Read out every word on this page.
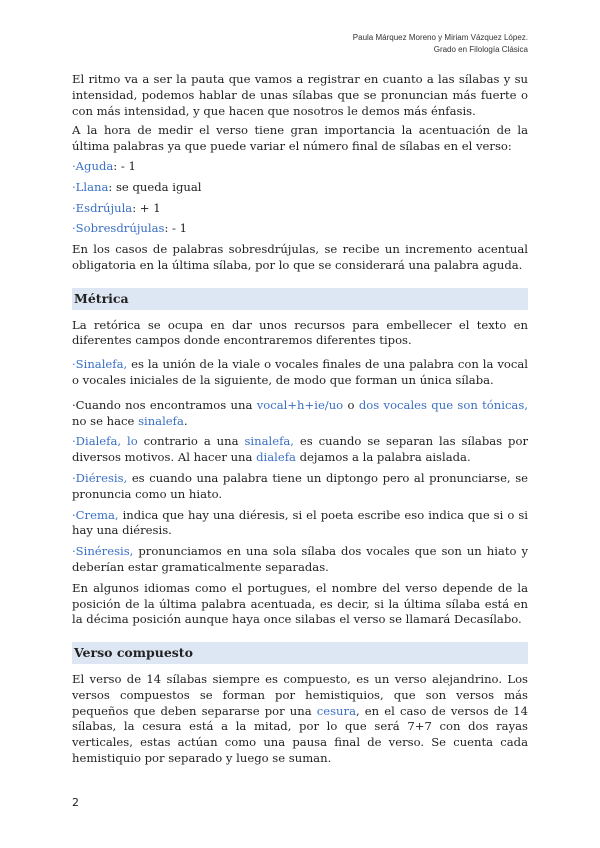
Paula Márquez Moreno y Miriam Vázquez López.
Grado en Filología Clásica

El ritmo va a ser la pauta que vamos a registrar en cuanto a las sílabas y su intensidad, podemos hablar de unas sílabas que se pronuncian más fuerte o con más intensidad, y que hacen que nosotros le demos más énfasis.

A la hora de medir el verso tiene gran importancia la acentuación de la última palabras ya que puede variar el número final de sílabas en el verso:

·Aguda: - 1
·Llana: se queda igual
·Esdrújula: + 1
·Sobresdrújulas: - 1

En los casos de palabras sobresdrújulas, se recibe un incremento acentual obligatoria en la última sílaba, por lo que se considerará una palabra aguda.

Métrica

La retórica se ocupa en dar unos recursos para embellecer el texto en diferentes campos donde encontraremos diferentes tipos.

·Sinalefa, es la unión de la viale o vocales finales de una palabra con la vocal o vocales iniciales de la siguiente, de modo que forman un única sílaba.
·Cuando nos encontramos una vocal+h+ie/uo o dos vocales que son tónicas, no se hace sinalefa.
·Dialefa, lo contrario a una sinalefa, es cuando se separan las sílabas por diversos motivos. Al hacer una dialefa dejamos a la palabra aislada.
·Diéresis, es cuando una palabra tiene un diptongo pero al pronunciarse, se pronuncia como un hiato.
·Crema, indica que hay una diéresis, si el poeta escribe eso indica que si o si hay una diéresis.
·Sinéresis, pronunciamos en una sola sílaba dos vocales que son un hiato y deberían estar gramaticalmente separadas.

En algunos idiomas como el portugues, el nombre del verso depende de la posición de la última palabra acentuada, es decir, si la última sílaba está en la décima posición aunque haya once silabas el verso se llamará Decasílabo.

Verso compuesto

El verso de 14 sílabas siempre es compuesto, es un verso alejandrino. Los versos compuestos se forman por hemistiquios, que son versos más pequeños que deben separarse por una cesura, en el caso de versos de 14 sílabas, la cesura está a la mitad, por lo que será 7+7 con dos rayas verticales, estas actúan como una pausa final de verso. Se cuenta cada hemistiquio por separado y luego se suman.

2
